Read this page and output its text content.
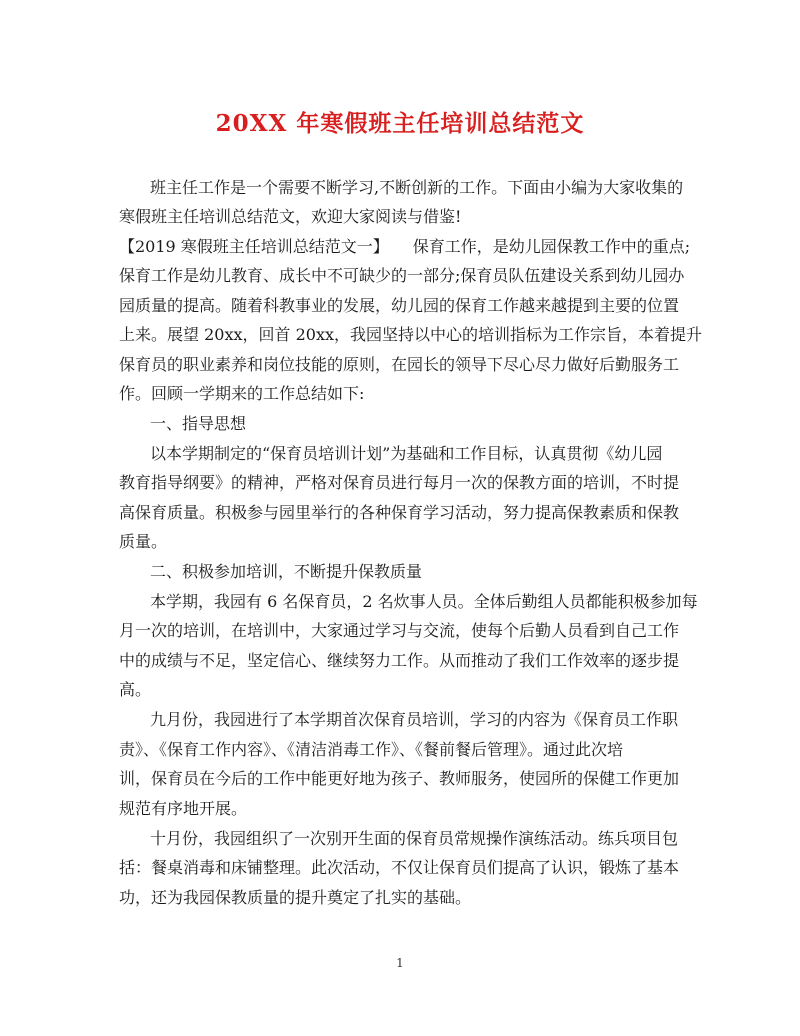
20XX 年寒假班主任培训总结范文

班主任工作是一个需要不断学习,不断创新的工作。下面由小编为大家收集的

寒假班主任培训总结范文，欢迎大家阅读与借鉴!

【2019 寒假班主任培训总结范文一】　　保育工作，是幼儿园保教工作中的重点;

保育工作是幼儿教育、成长中不可缺少的一部分;保育员队伍建设关系到幼儿园办

园质量的提高。随着科教事业的发展，幼儿园的保育工作越来越提到主要的位置

上来。展望 20xx，回首 20xx，我园坚持以中心的培训指标为工作宗旨，本着提升

保育员的职业素养和岗位技能的原则，在园长的领导下尽心尽力做好后勤服务工

作。回顾一学期来的工作总结如下:

一、指导思想

以本学期制定的“保育员培训计划”为基础和工作目标，认真贯彻《幼儿园

教育指导纲要》的精神，严格对保育员进行每月一次的保教方面的培训，不时提

高保育质量。积极参与园里举行的各种保育学习活动，努力提高保教素质和保教

质量。

二、积极参加培训，不断提升保教质量

本学期，我园有 6 名保育员，2 名炊事人员。全体后勤组人员都能积极参加每

月一次的培训，在培训中，大家通过学习与交流，使每个后勤人员看到自己工作

中的成绩与不足，坚定信心、继续努力工作。从而推动了我们工作效率的逐步提

高。

九月份，我园进行了本学期首次保育员培训，学习的内容为《保育员工作职

责》、《保育工作内容》、《清洁消毒工作》、《餐前餐后管理》。通过此次培

训，保育员在今后的工作中能更好地为孩子、教师服务，使园所的保健工作更加

规范有序地开展。

十月份，我园组织了一次别开生面的保育员常规操作演练活动。练兵项目包

括：餐桌消毒和床铺整理。此次活动，不仅让保育员们提高了认识，锻炼了基本

功，还为我园保教质量的提升奠定了扎实的基础。

1
